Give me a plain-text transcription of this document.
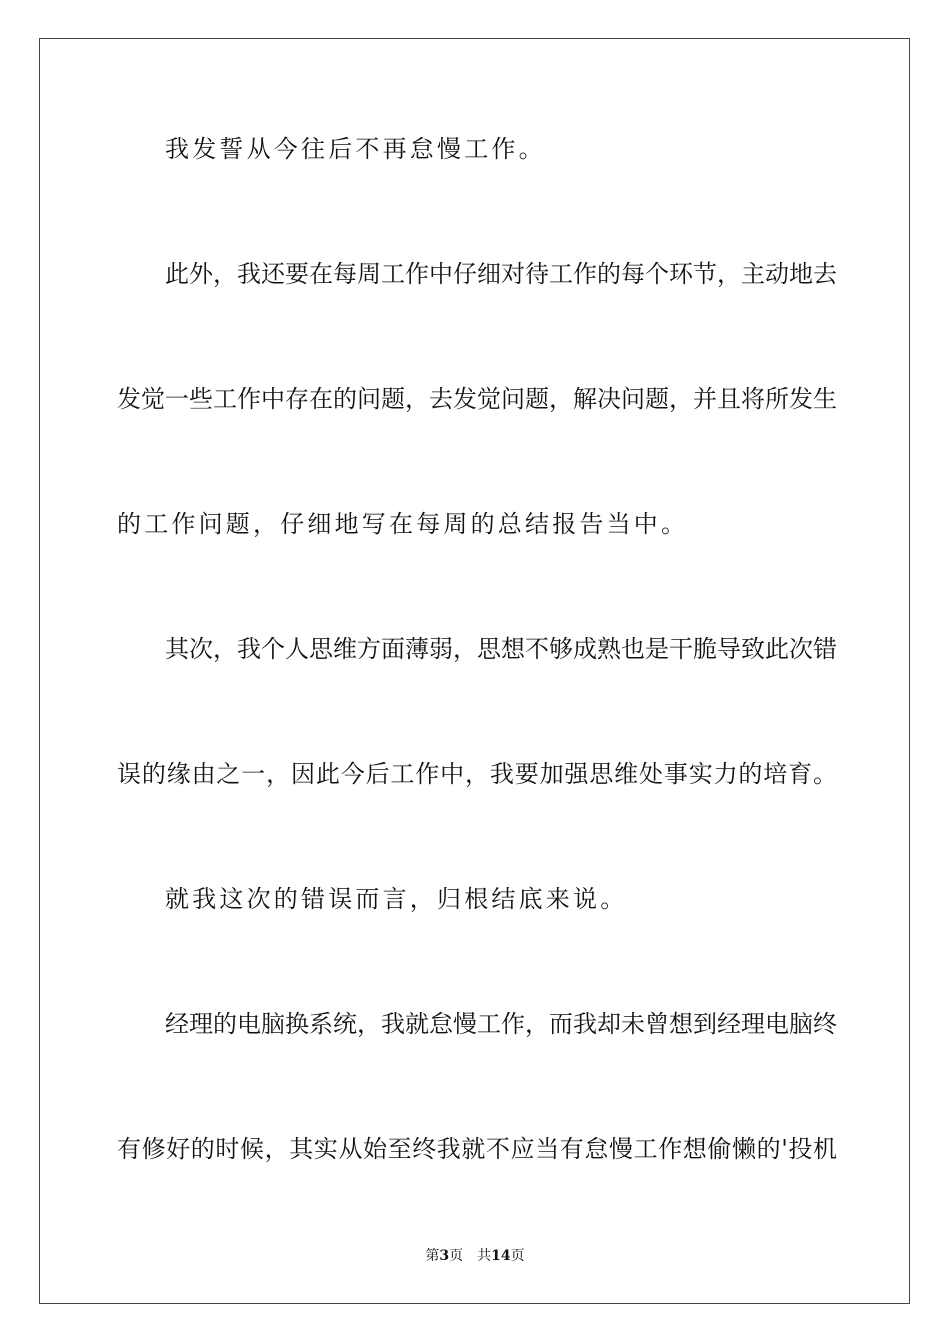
我发誓从今往后不再怠慢工作。
此外，我还要在每周工作中仔细对待工作的每个环节，主动地去
发觉一些工作中存在的问题，去发觉问题，解决问题，并且将所发生
的工作问题，仔细地写在每周的总结报告当中。
其次，我个人思维方面薄弱，思想不够成熟也是干脆导致此次错
误的缘由之一，因此今后工作中，我要加强思维处事实力的培育。
就我这次的错误而言，归根结底来说。
经理的电脑换系统，我就怠慢工作，而我却未曾想到经理电脑终
有修好的时候，其实从始至终我就不应当有怠慢工作想偷懒的'投机
第3页 共14页
